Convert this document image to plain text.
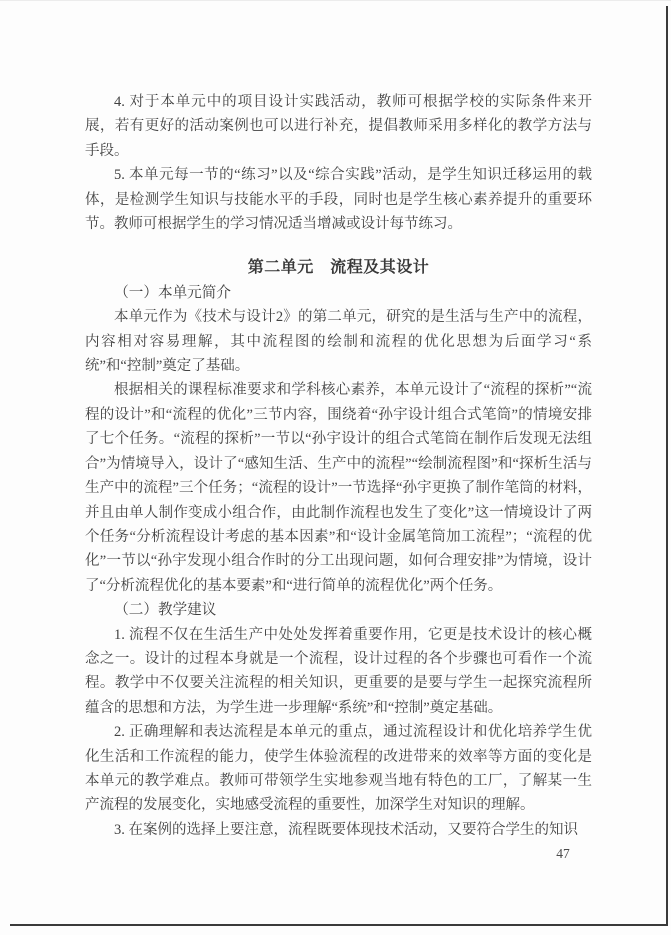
4. 对于本单元中的项目设计实践活动，教师可根据学校的实际条件来开展，若有更好的活动案例也可以进行补充，提倡教师采用多样化的教学方法与手段。

5. 本单元每一节的“练习”以及“综合实践”活动，是学生知识迁移运用的载体，是检测学生知识与技能水平的手段，同时也是学生核心素养提升的重要环节。教师可根据学生的学习情况适当增减或设计每节练习。

第二单元　流程及其设计

（一）本单元简介

本单元作为《技术与设计2》的第二单元，研究的是生活与生产中的流程，内容相对容易理解，其中流程图的绘制和流程的优化思想为后面学习“系统”和“控制”奠定了基础。

根据相关的课程标准要求和学科核心素养，本单元设计了“流程的探析”“流程的设计”和“流程的优化”三节内容，围绕着“孙宇设计组合式笔筒”的情境安排了七个任务。“流程的探析”一节以“孙宇设计的组合式笔筒在制作后发现无法组合”为情境导入，设计了“感知生活、生产中的流程”“绘制流程图”和“探析生活与生产中的流程”三个任务；“流程的设计”一节选择“孙宇更换了制作笔筒的材料，并且由单人制作变成小组合作，由此制作流程也发生了变化”这一情境设计了两个任务“分析流程设计考虑的基本因素”和“设计金属笔筒加工流程”；“流程的优化”一节以“孙宇发现小组合作时的分工出现问题，如何合理安排”为情境，设计了“分析流程优化的基本要素”和“进行简单的流程优化”两个任务。

（二）教学建议

1. 流程不仅在生活生产中处处发挥着重要作用，它更是技术设计的核心概念之一。设计的过程本身就是一个流程，设计过程的各个步骤也可看作一个流程。教学中不仅要关注流程的相关知识，更重要的是要与学生一起探究流程所蕴含的思想和方法，为学生进一步理解“系统”和“控制”奠定基础。

2. 正确理解和表达流程是本单元的重点，通过流程设计和优化培养学生优化生活和工作流程的能力，使学生体验流程的改进带来的效率等方面的变化是本单元的教学难点。教师可带领学生实地参观当地有特色的工厂，了解某一生产流程的发展变化，实地感受流程的重要性，加深学生对知识的理解。

3. 在案例的选择上要注意，流程既要体现技术活动，又要符合学生的知识

47
